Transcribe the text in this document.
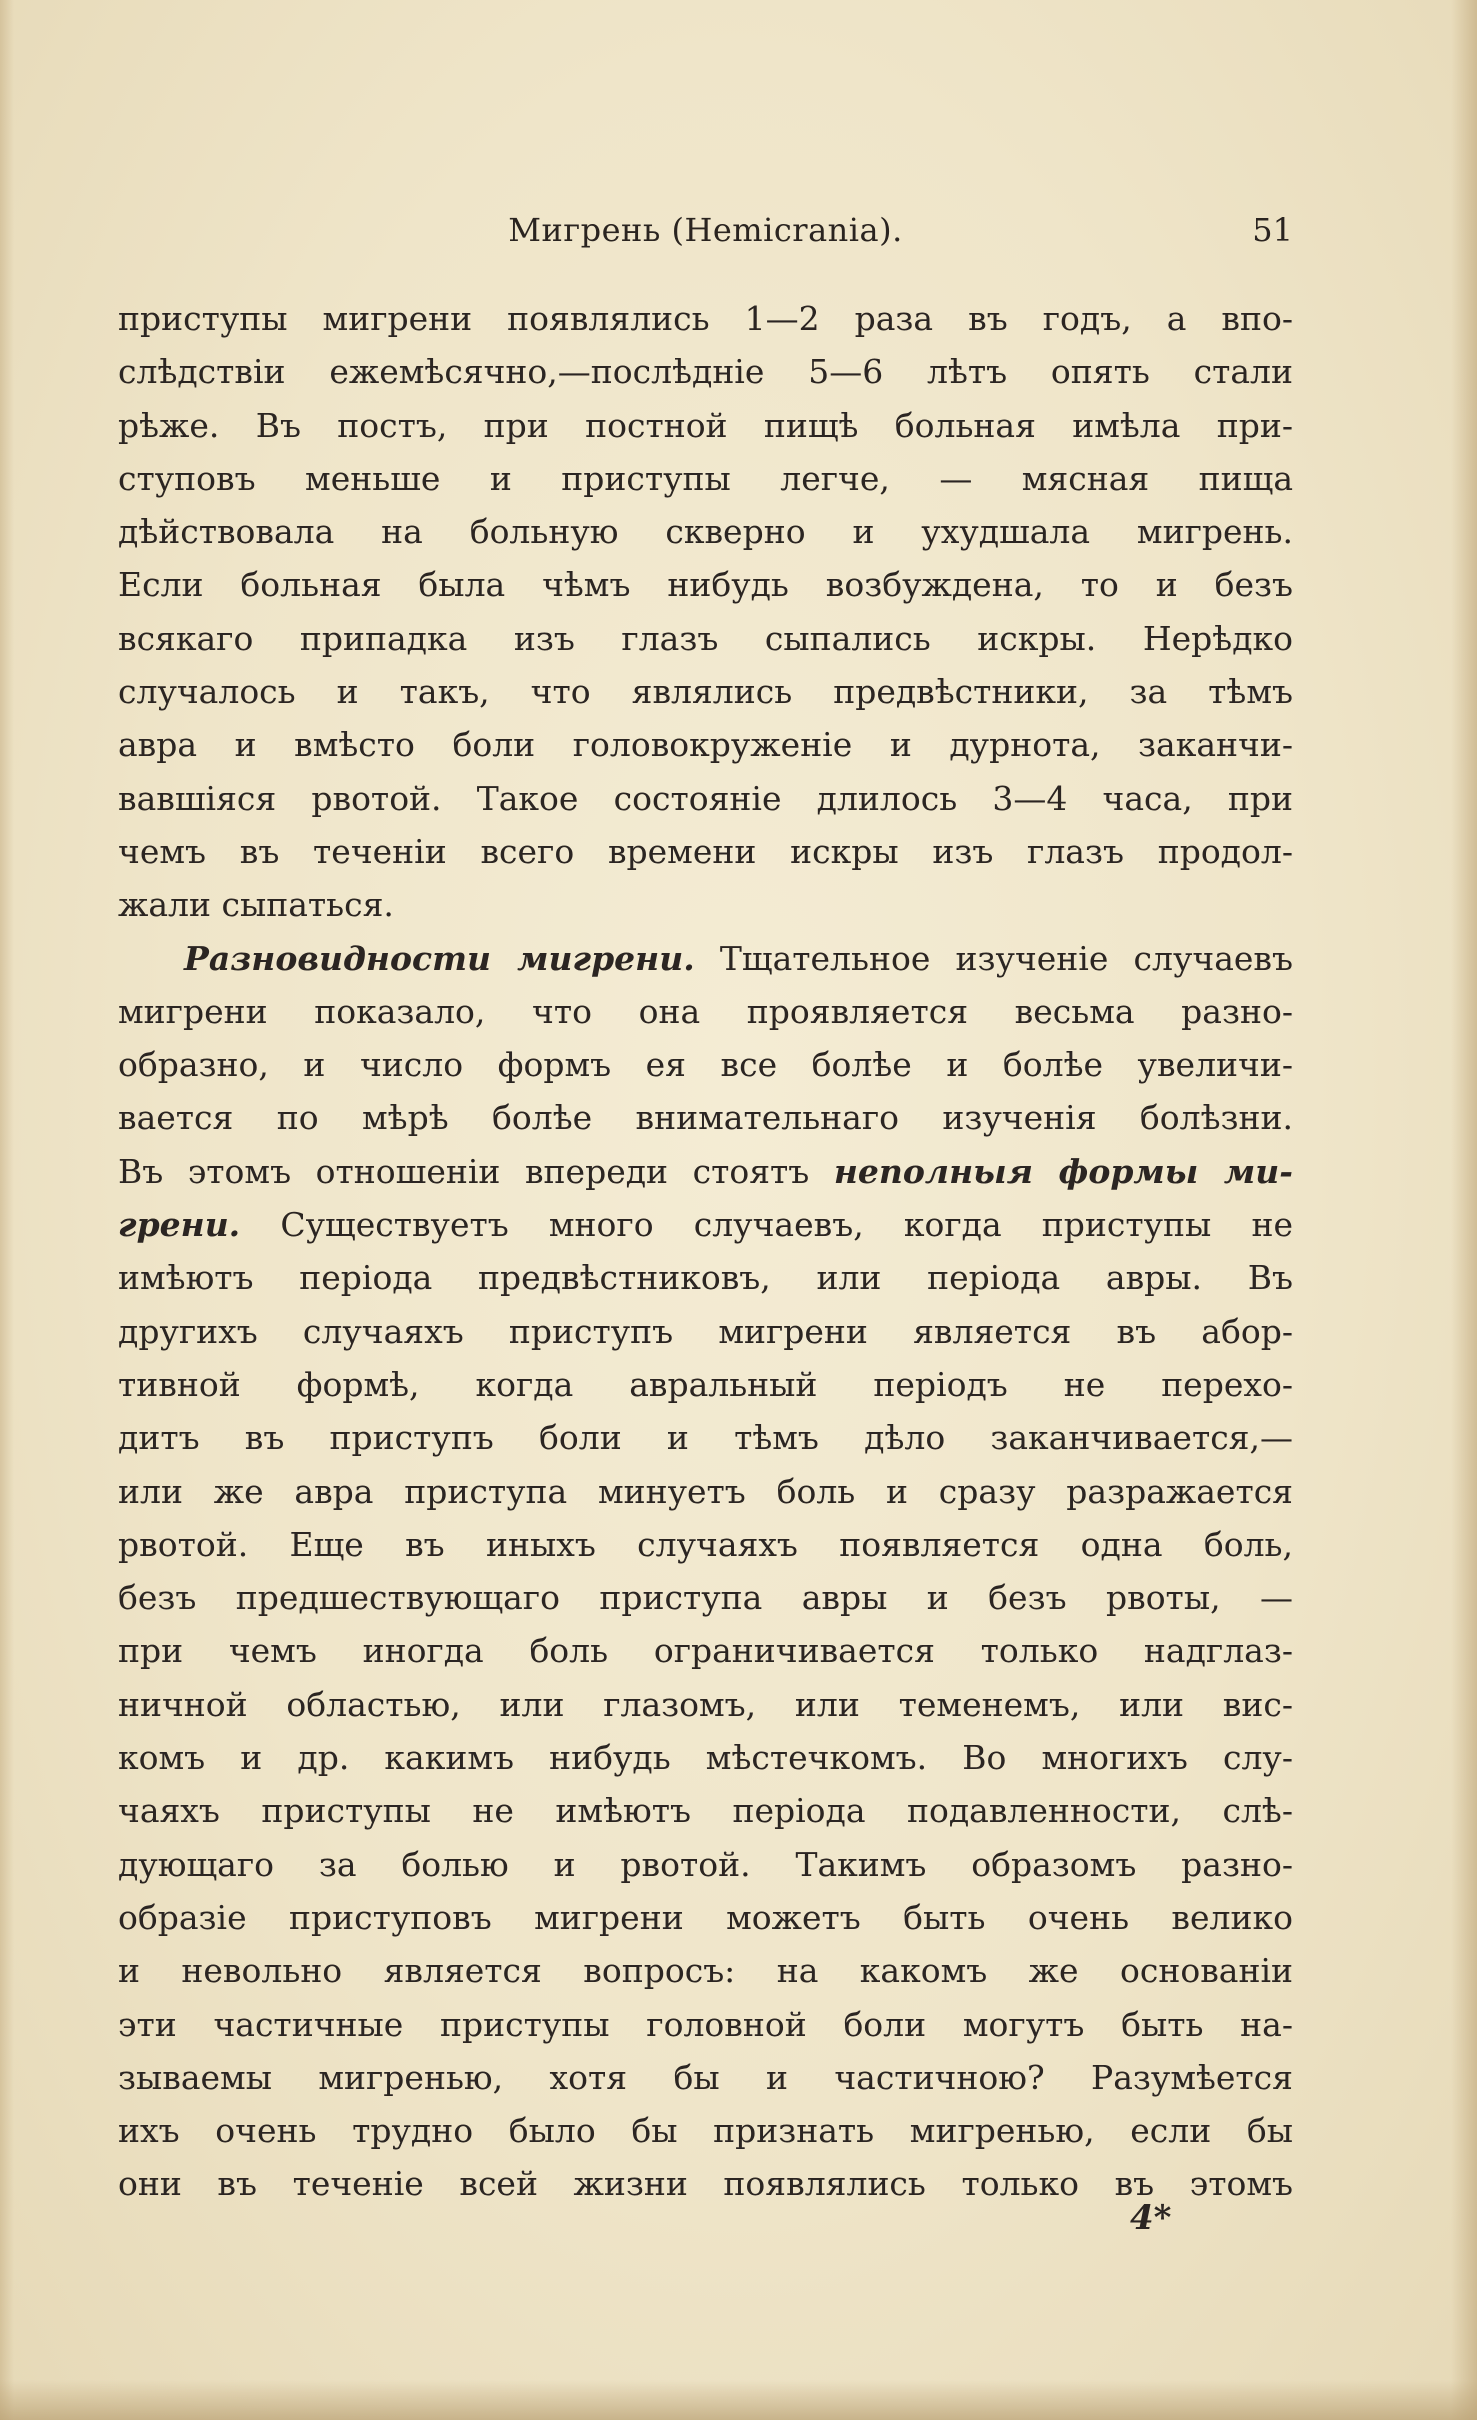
Мигрень (Hemicrania).	51
приступы мигрени появлялись 1—2 раза въ годъ, а впо-
слѣдствіи ежемѣсячно,—послѣдніе 5—6 лѣтъ опять стали
рѣже. Въ постъ, при постной пищѣ больная имѣла при-
ступовъ меньше и приступы легче, — мясная пища
дѣйствовала на больную скверно и ухудшала мигрень.
Если больная была чѣмъ нибудь возбуждена, то и безъ
всякаго припадка изъ глазъ сыпались искры. Нерѣдко
случалось и такъ, что являлись предвѣстники, за тѣмъ
авра и вмѣсто боли головокруженіе и дурнота, заканчи-
вавшіяся рвотой. Такое состояніе длилось 3—4 часа, при
чемъ въ теченіи всего времени искры изъ глазъ продол-
жали сыпаться.
Разновидности мигрени. Тщательное изученіе случаевъ
мигрени показало, что она проявляется весьма разно-
образно, и число формъ ея все болѣе и болѣе увеличи-
вается по мѣрѣ болѣе внимательнаго изученія болѣзни.
Въ этомъ отношеніи впереди стоятъ неполныя формы ми-
грени. Существуетъ много случаевъ, когда приступы не
имѣютъ періода предвѣстниковъ, или періода авры. Въ
другихъ случаяхъ приступъ мигрени является въ абор-
тивной формѣ, когда авральный періодъ не перехо-
дитъ въ приступъ боли и тѣмъ дѣло заканчивается,—
или же авра приступа минуетъ боль и сразу разражается
рвотой. Еще въ иныхъ случаяхъ появляется одна боль,
безъ предшествующаго приступа авры и безъ рвоты, —
при чемъ иногда боль ограничивается только надглаз-
ничной областью, или глазомъ, или теменемъ, или вис-
комъ и др. какимъ нибудь мѣстечкомъ. Во многихъ слу-
чаяхъ приступы не имѣютъ періода подавленности, слѣ-
дующаго за болью и рвотой. Такимъ образомъ разно-
образіе приступовъ мигрени можетъ быть очень велико
и невольно является вопросъ: на какомъ же основаніи
эти частичные приступы головной боли могутъ быть на-
зываемы мигренью, хотя бы и частичною? Разумѣется
ихъ очень трудно было бы признать мигренью, если бы
они въ теченіе всей жизни появлялись только въ этомъ
4*
